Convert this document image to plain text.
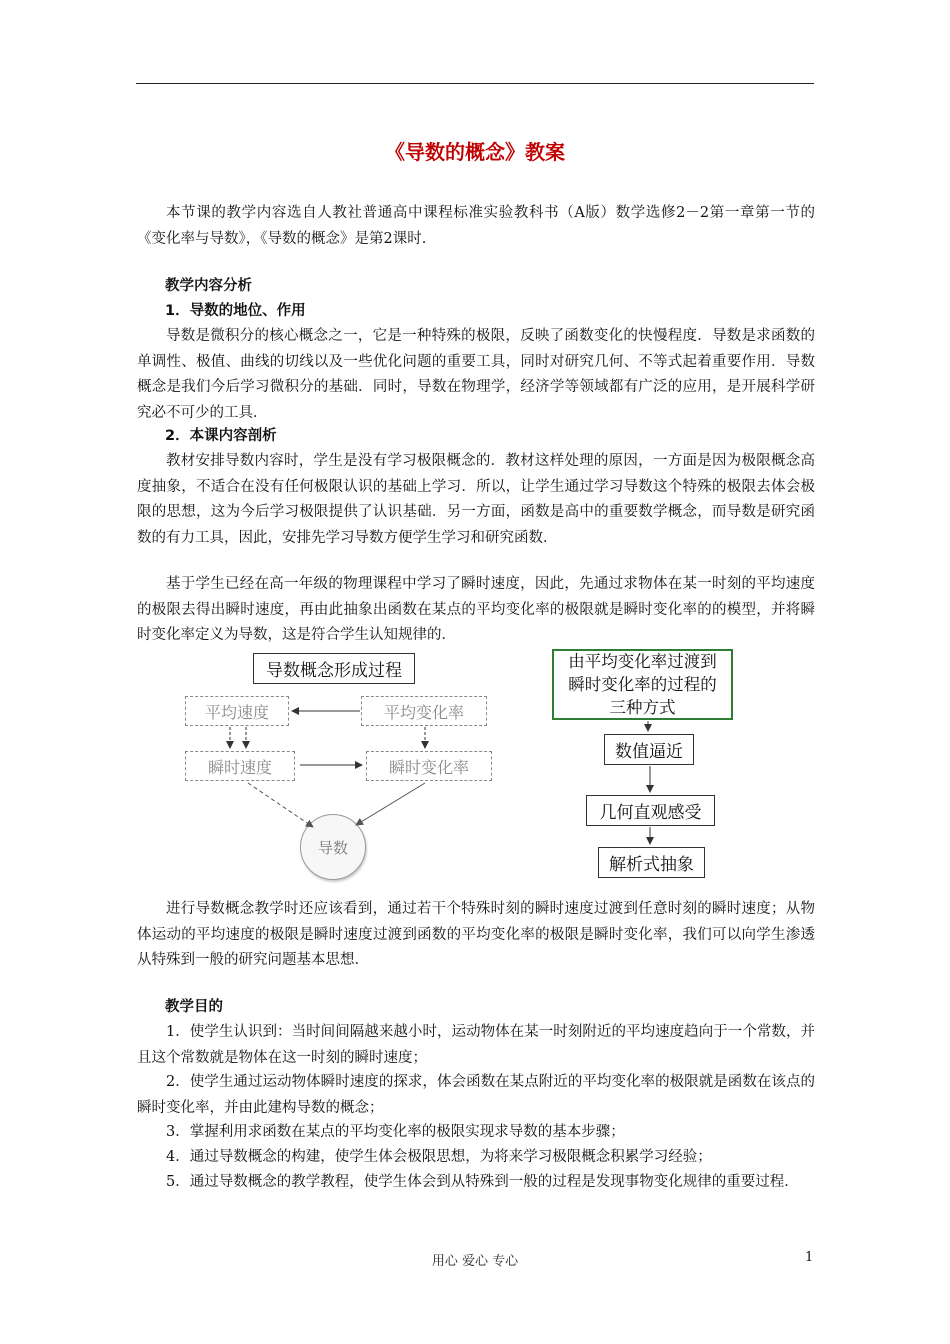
《导数的概念》教案

本节课的教学内容选自人教社普通高中课程标准实验教科书（A版）数学选修2－2第一章第一节的《变化率与导数》，《导数的概念》是第2课时.

教学内容分析

1．导数的地位、作用

导数是微积分的核心概念之一，它是一种特殊的极限，反映了函数变化的快慢程度．导数是求函数的单调性、极值、曲线的切线以及一些优化问题的重要工具，同时对研究几何、不等式起着重要作用．导数概念是我们今后学习微积分的基础．同时，导数在物理学，经济学等领域都有广泛的应用，是开展科学研究必不可少的工具．

2．本课内容剖析

教材安排导数内容时，学生是没有学习极限概念的．教材这样处理的原因，一方面是因为极限概念高度抽象，不适合在没有任何极限认识的基础上学习．所以，让学生通过学习导数这个特殊的极限去体会极限的思想，这为今后学习极限提供了认识基础．另一方面，函数是高中的重要数学概念，而导数是研究函数的有力工具，因此，安排先学习导数方便学生学习和研究函数．

基于学生已经在高一年级的物理课程中学习了瞬时速度，因此，先通过求物体在某一时刻的平均速度的极限去得出瞬时速度，再由此抽象出函数在某点的平均变化率的极限就是瞬时变化率的的模型，并将瞬时变化率定义为导数，这是符合学生认知规律的．

导数概念形成过程
平均速度	平均变化率
瞬时速度	瞬时变化率
导数
由平均变化率过渡到
瞬时变化率的过程的
三种方式
数值逼近
几何直观感受
解析式抽象

进行导数概念教学时还应该看到，通过若干个特殊时刻的瞬时速度过渡到任意时刻的瞬时速度；从物体运动的平均速度的极限是瞬时速度过渡到函数的平均变化率的极限是瞬时变化率，我们可以向学生渗透从特殊到一般的研究问题基本思想．

教学目的

1．使学生认识到：当时间间隔越来越小时，运动物体在某一时刻附近的平均速度趋向于一个常数，并且这个常数就是物体在这一时刻的瞬时速度；

2．使学生通过运动物体瞬时速度的探求，体会函数在某点附近的平均变化率的极限就是函数在该点的瞬时变化率，并由此建构导数的概念；

3．掌握利用求函数在某点的平均变化率的极限实现求导数的基本步骤；

4．通过导数概念的构建，使学生体会极限思想，为将来学习极限概念积累学习经验；

5．通过导数概念的教学教程，使学生体会到从特殊到一般的过程是发现事物变化规律的重要过程．

用心 爱心 专心	1
